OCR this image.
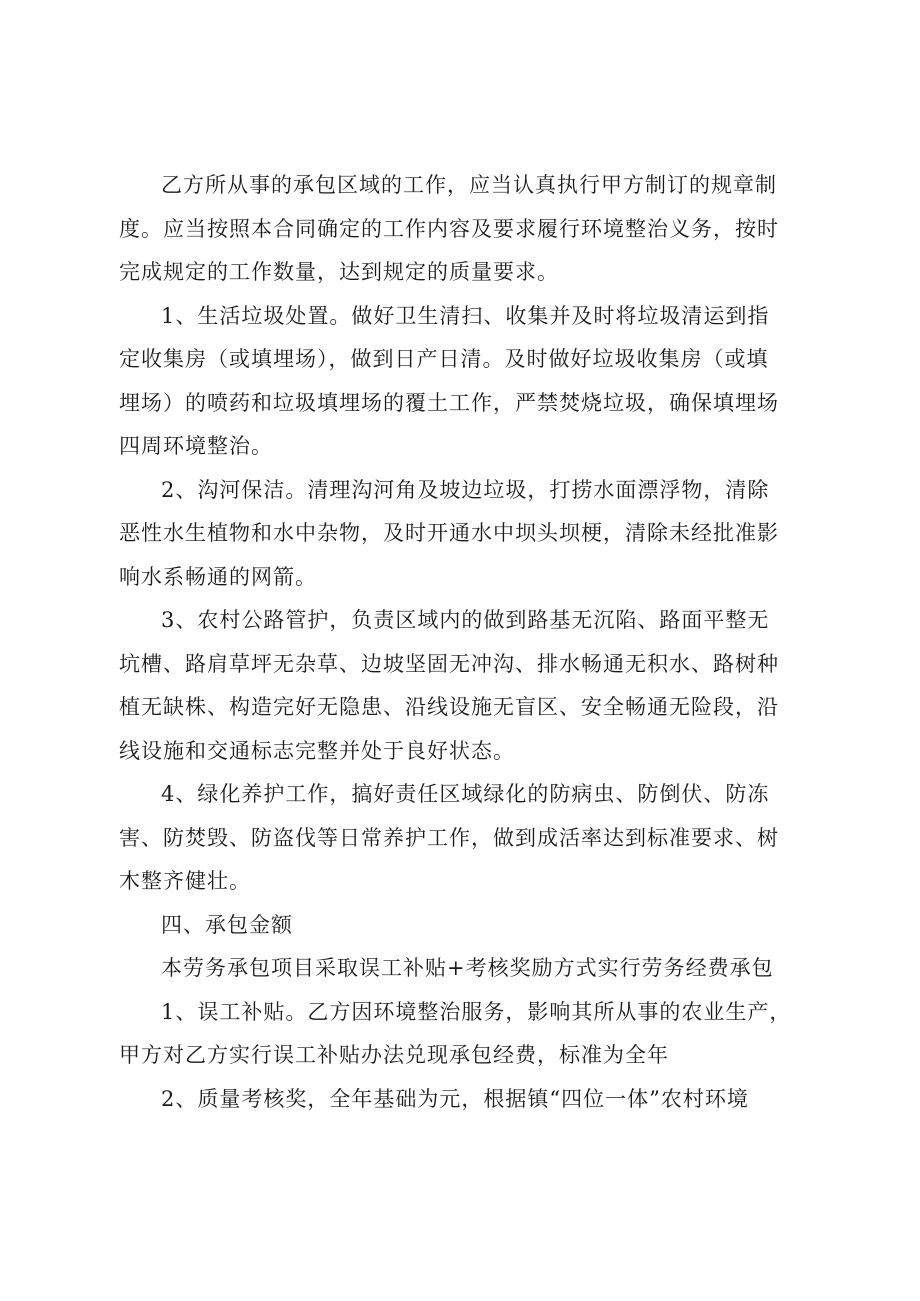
乙方所从事的承包区域的工作，应当认真执行甲方制订的规章制
度。应当按照本合同确定的工作内容及要求履行环境整治义务，按时
完成规定的工作数量，达到规定的质量要求。

1、生活垃圾处置。做好卫生清扫、收集并及时将垃圾清运到指
定收集房（或填埋场），做到日产日清。及时做好垃圾收集房（或填
埋场）的喷药和垃圾填埋场的覆土工作，严禁焚烧垃圾，确保填埋场
四周环境整治。

2、沟河保洁。清理沟河角及坡边垃圾，打捞水面漂浮物，清除
恶性水生植物和水中杂物，及时开通水中坝头坝梗，清除未经批准影
响水系畅通的网箭。

3、农村公路管护，负责区域内的做到路基无沉陷、路面平整无
坑槽、路肩草坪无杂草、边坡坚固无冲沟、排水畅通无积水、路树种
植无缺株、构造完好无隐患、沿线设施无盲区、安全畅通无险段，沿
线设施和交通标志完整并处于良好状态。

4、绿化养护工作，搞好责任区域绿化的防病虫、防倒伏、防冻
害、防焚毁、防盗伐等日常养护工作，做到成活率达到标准要求、树
木整齐健壮。

四、承包金额

本劳务承包项目采取误工补贴+考核奖励方式实行劳务经费承包

1、误工补贴。乙方因环境整治服务，影响其所从事的农业生产，
甲方对乙方实行误工补贴办法兑现承包经费，标准为全年

2、质量考核奖，全年基础为元，根据镇“四位一体”农村环境
